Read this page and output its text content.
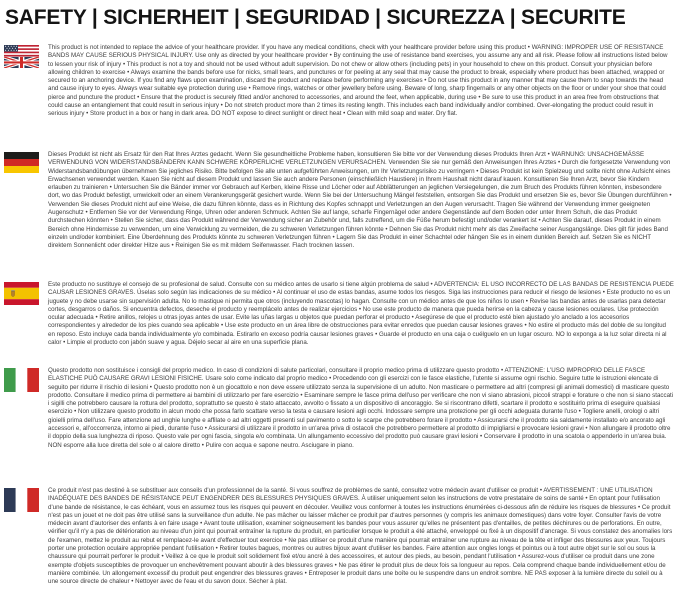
SAFETY | SICHERHEIT | SEGURIDAD | SICUREZZA | SECURITE
This product is not intended to replace the advice of your healthcare provider. If you have any medical conditions, check with your healthcare provider before using this product • WARNING: IMPROPER USE OF RESISTANCE BANDS MAY CAUSE SERIOUS PHYSICAL INJURY. Use only as directed by your healthcare provider • By continuing the use of resistance band exercises, you assume any and all risk. Please follow all instructions listed below to lessen your risk of injury • This product is not a toy and should not be used without adult supervision. Do not chew or allow others (including pets) in your household to chew on this product. Consult your physician before allowing children to exercise • Always examine the bands before use for nicks, small tears, and punctures or for peeling at any seal that may cause the product to break, especially where product has been attached, wrapped or secured to an anchoring device. If you find any flaws upon examination, discard the product and replace before performing any exercises • Do not use this product in any manner that may cause them to snap towards the head and cause injury to eyes. Always wear suitable eye protection during use • Remove rings, watches or other jewellery before using. Beware of long, sharp fingernails or any other objects on the floor or under your shoe that could pierce and puncture the product • Ensure that the product is securely fitted and/or anchored to accessories, and around the feet, when applicable, during use • Be sure to use this product in an area free from obstructions that could cause an entanglement that could result in serious injury • Do not stretch product more than 2 times its resting length. This includes each band individually and/or combined. Over-elongating the product could result in serious injury • Store product in a box or hang in dark area. DO NOT expose to direct sunlight or direct heat • Clean with mild soap and water. Dry flat.
Dieses Produkt ist nicht als Ersatz für den Rat Ihres Arztes gedacht. Wenn Sie gesundheitliche Probleme haben, konsultieren Sie bitte vor der Verwendung dieses Produkts Ihren Arzt • WARNUNG: UNSACHGEMÄSSE VERWENDUNG VON WIDERSTANDSBÄNDERN KANN SCHWERE KÖRPERLICHE VERLETZUNGEN VERURSACHEN. Verwenden Sie sie nur gemäß den Anweisungen Ihres Arztes • Durch die fortgesetzte Verwendung von Widerstandsbandübungen übernehmen Sie jegliches Risiko. Bitte befolgen Sie alle unten aufgeführten Anweisungen, um Ihr Verletzungsrisiko zu verringern • Dieses Produkt ist kein Spielzeug und sollte nicht ohne Aufsicht eines Erwachsenen verwendet werden. Kauen Sie nicht auf diesem Produkt und lassen Sie auch andere Personen (einschließlich Haustiere) in Ihrem Haushalt nicht darauf kauen. Konsultieren Sie Ihren Arzt, bevor Sie Kindern erlauben zu trainieren • Untersuchen Sie die Bänder immer vor Gebrauch auf Kerben, kleine Risse und Löcher oder auf Abblätterungen an jeglichen Versiegelungen, die zum Bruch des Produkts führen könnten, insbesondere dort, wo das Produkt befestigt, umwickelt oder an einem Verankerungsgerät gesichert wurde. Wenn Sie bei der Untersuchung Mängel feststellen, entsorgen Sie das Produkt und ersetzen Sie es, bevor Sie Übungen durchführen • Verwenden Sie dieses Produkt nicht auf eine Weise, die dazu führen könnte, dass es in Richtung des Kopfes schnappt und Verletzungen an den Augen verursacht. Tragen Sie während der Verwendung immer geeigneten Augenschutz • Entfernen Sie vor der Verwendung Ringe, Uhren oder anderen Schmuck. Achten Sie auf lange, scharfe Fingernägel oder andere Gegenstände auf dem Boden oder unter Ihrem Schuh, die das Produkt durchstechen könnten • Stellen Sie sicher, dass das Produkt während der Verwendung sicher an Zubehör und, falls zutreffend, um die Füße herum befestigt und/oder verankert ist • Achten Sie darauf, dieses Produkt in einem Bereich ohne Hindernisse zu verwenden, um eine Verwicklung zu vermeiden, die zu schweren Verletzungen führen könnte • Dehnen Sie das Produkt nicht mehr als das Zweifache seiner Ausgangslänge. Dies gilt für jedes Band einzeln und/oder kombiniert. Eine Überdehnung des Produkts könnte zu schweren Verletzungen führen • Lagern Sie das Produkt in einer Schachtel oder hängen Sie es in einem dunklen Bereich auf. Setzen Sie es NICHT direktem Sonnenlicht oder direkter Hitze aus • Reinigen Sie es mit mildem Seifenwasser. Flach trocknen lassen.
Este producto no sustituye el consejo de su profesional de salud. Consulte con su médico antes de usarlo si tiene algún problema de salud • ADVERTENCIA: EL USO INCORRECTO DE LAS BANDAS DE RESISTENCIA PUEDE CAUSAR LESIONES GRAVES. Úselas solo según las indicaciones de su médico • Al continuar el uso de estas bandas, asume todos los riesgos. Siga las instrucciones para reducir el riesgo de lesiones • Este producto no es un juguete y no debe usarse sin supervisión adulta. No lo mastique ni permita que otros (incluyendo mascotas) lo hagan. Consulte con un médico antes de que los niños lo usen • Revise las bandas antes de usarlas para detectar cortes, desgarros o daños. Si encuentra defectos, deseche el producto y reemplácelo antes de realizar ejercicios • No use este producto de manera que pueda herirse en la cabeza y cause lesiones oculares. Use protección ocular adecuada • Retire anillos, relojes u otras joyas antes de usar. Evite las uñas largas u objetos que puedan perforar el producto • Asegúrese de que el producto esté bien ajustado y/o anclado a los accesorios correspondientes y alrededor de los pies cuando sea aplicable • Use este producto en un área libre de obstrucciones para evitar enredos que puedan causar lesiones graves • No estire el producto más del doble de su longitud en reposo. Esto incluye cada banda individualmente y/o combinada. Estirarlo en exceso podría causar lesiones graves • Guarde el producto en una caja o cuélguelo en un lugar oscuro. NO lo exponga a la luz solar directa ni al calor • Limpie el producto con jabón suave y agua. Déjelo secar al aire en una superficie plana.
Questo prodotto non sostituisce i consigli del proprio medico. In caso di condizioni di salute particolari, consultare il proprio medico prima di utilizzare questo prodotto • ATTENZIONE: L'USO IMPROPRIO DELLE FASCE ELASTICHE PUÒ CAUSARE GRAVI LESIONI FISICHE. Usare solo come indicato dal proprio medico • Procedendo con gli esercizi con le fasce elastiche, l'utente si assume ogni rischio. Seguire tutte le istruzioni elencate di seguito per ridurre il rischio di lesioni • Questo prodotto non è un giocattolo e non deve essere utilizzato senza la supervisione di un adulto. Non masticare o permettere ad altri (compresi gli animali domestici) di masticare questo prodotto. Consultare il medico prima di permettere ai bambini di utilizzarlo per fare esercizio • Esaminare sempre le fasce prima dell'uso per verificare che non vi siano abrasioni, piccoli strappi e forature o che non si siano staccati i sigilli che potrebbero causare la rottura del prodotto, soprattutto se questo è stato attaccato, avvolto o fissato a un dispositivo di ancoraggio. Se si riscontrano difetti, scartare il prodotto e sostituirlo prima di eseguire qualsiasi esercizio • Non utilizzare questo prodotto in alcun modo che possa farlo scattare verso la testa e causare lesioni agli occhi. Indossare sempre una protezione per gli occhi adeguata durante l'uso • Togliere anelli, orologi o altri gioielli prima dell'uso. Fare attenzione ad unghie lunghe e affilate o ad altri oggetti presenti sul pavimento o sotto le scarpe che potrebbero forare il prodotto • Assicurarsi che il prodotto sia saldamente installato e/o ancorato agli accessori e, all'occorrenza, intorno ai piedi, durante l'uso • Assicurarsi di utilizzare il prodotto in un'area priva di ostacoli che potrebbero permettere al prodotto di impigliarsi e provocare lesioni gravi • Non allungare il prodotto oltre il doppio della sua lunghezza di riposo. Questo vale per ogni fascia, singola e/o combinata. Un allungamento eccessivo del prodotto può causare gravi lesioni • Conservare il prodotto in una scatola o appenderlo in un'area buia. NON esporre alla luce diretta del sole o al calore diretto • Pulire con acqua e sapone neutro. Asciugare in piano.
Ce produit n'est pas destiné à se substituer aux conseils d'un professionnel de la santé. Si vous souffrez de problèmes de santé, consultez votre médecin avant d'utiliser ce produit • AVERTISSEMENT : UNE UTILISATION INADÉQUATE DES BANDES DE RÉSISTANCE PEUT ENGENDRER DES BLESSURES PHYSIQUES GRAVES. À utiliser uniquement selon les instructions de votre prestataire de soins de santé • En optant pour l'utilisation d'une bande de résistance, le cas échéant, vous en assumez tous les risques qui peuvent en découler. Veuillez vous conformer à toutes les instructions énumérées ci-dessous afin de réduire les risques de blessures • Ce produit n'est pas un jouet et ne doit pas être utilisé sans la surveillance d'un adulte. Ne pas mâcher ou laisser mâcher ce produit par d'autres personnes (y compris les animaux domestiques) dans votre foyer. Consulter l'avis de votre médecin avant d'autoriser des enfants à en faire usage • Avant toute utilisation, examiner soigneusement les bandes pour vous assurer qu'elles ne présentent pas d'entailles, de petites déchirures ou de perforations. En outre, vérifier qu'il n'y a pas de détérioration au niveau d'un joint qui pourrait entraîner la rupture du produit, en particulier lorsque le produit a été attaché, enveloppé ou fixé à un dispositif d'ancrage. Si vous constatez des anomalies lors de l'examen, mettez le produit au rebut et remplacez-le avant d'effectuer tout exercice • Ne pas utiliser ce produit d'une manière qui pourrait entraîner une rupture au niveau de la tête et infliger des blessures aux yeux. Toujours porter une protection oculaire appropriée pendant l'utilisation • Retirer toutes bagues, montres ou autres bijoux avant d'utiliser les bandes. Faire attention aux ongles longs et pointus ou à tout autre objet sur le sol ou sous la chaussure qui pourrait perforer le produit • Veillez à ce que le produit soit solidement fixé et/ou ancré à des accessoires, et autour des pieds, au besoin, pendant l'utilisation • Assurez-vous d'utiliser ce produit dans une zone exempte d'objets susceptibles de provoquer un enchevêtrement pouvant aboutir à des blessures graves • Ne pas étirer le produit plus de deux fois sa longueur au repos. Cela comprend chaque bande individuellement et/ou de manière combinée. Un allongement excessif du produit peut engendrer des blessures graves • Entreposer le produit dans une boîte ou le suspendre dans un endroit sombre. NE PAS exposer à la lumière directe du soleil ou à une source directe de chaleur • Nettoyer avec de l'eau et du savon doux. Sécher à plat.
